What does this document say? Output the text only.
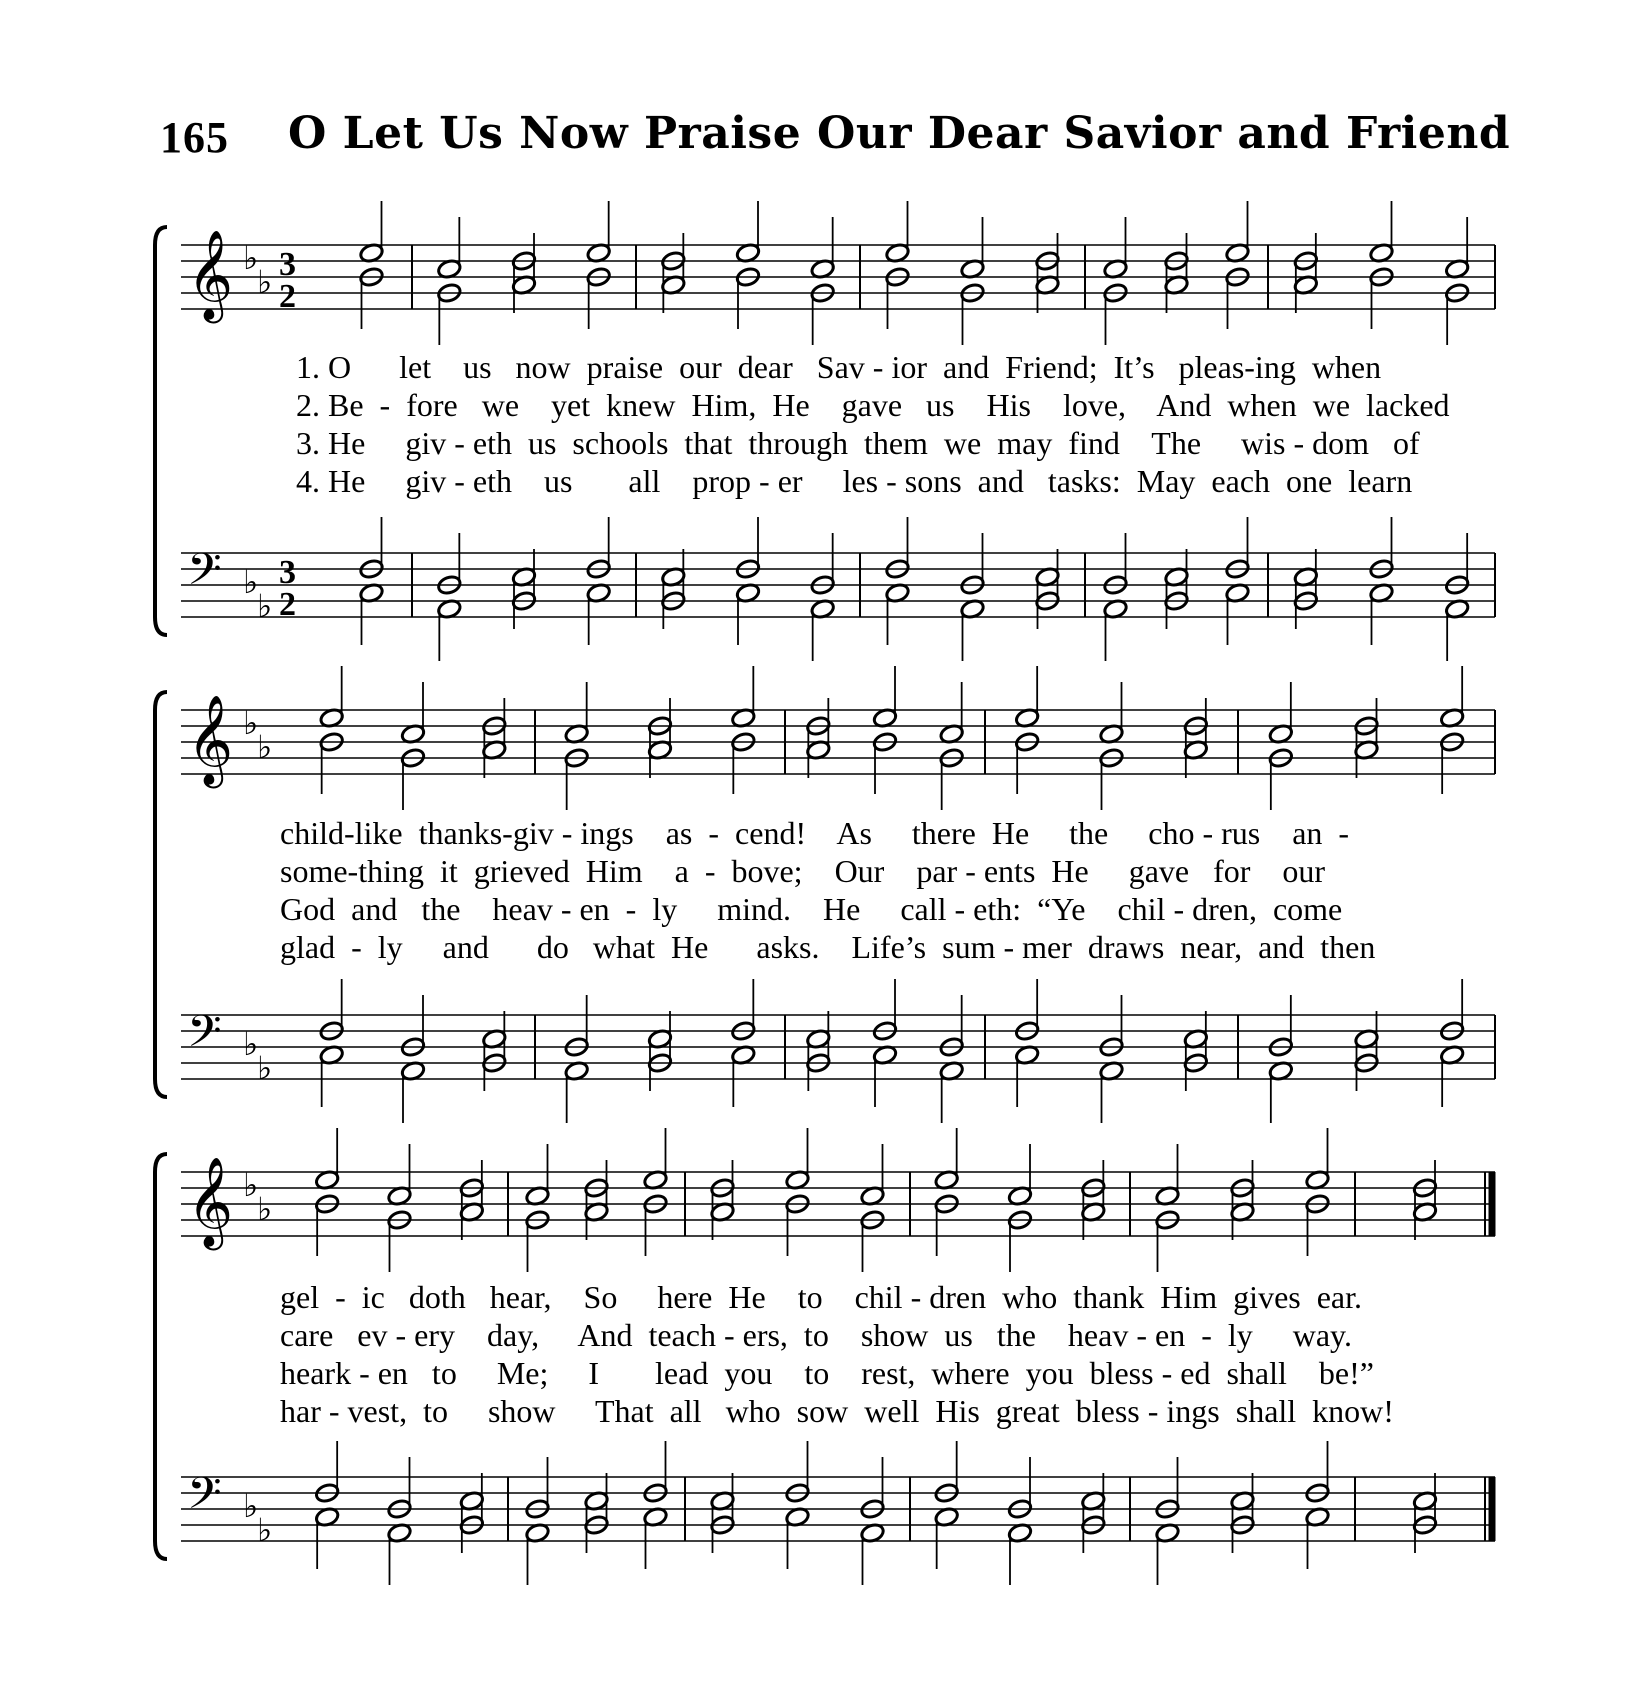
165 O Let Us Now Praise Our Dear Savior and Friend
𝄞 ♭
♭ 3
2
𝄢 ♭
♭
3
2
𝄞 ♭
♭
𝄢 ♭
♭
𝄞 ♭
♭
𝄢 ♭
♭
1. O      let    us   now  praise  our  dear   Sav - ior  and  Friend;  It’s   pleas-ing  when
2. Be  -  fore   we    yet  knew  Him,  He    gave   us    His    love,    And  when  we  lacked
3. He     giv - eth  us  schools  that  through  them  we  may  find    The     wis - dom   of
4. He     giv - eth    us       all    prop - er     les - sons  and   tasks:  May  each  one  learn
child-like  thanks-giv - ings    as  -  cend!    As     there  He     the     cho - rus    an  -
some-thing  it  grieved  Him    a  -  bove;    Our    par - ents  He     gave   for    our
God  and   the    heav - en  -  ly     mind.    He     call - eth:  “Ye    chil - dren,  come
glad  -  ly     and      do   what  He      asks.    Life’s  sum - mer  draws  near,  and  then
gel  -  ic   doth   hear,    So     here  He    to    chil - dren  who  thank  Him  gives  ear.
care   ev - ery    day,     And  teach - ers,  to    show  us   the    heav - en  -  ly     way.
heark - en   to     Me;     I       lead  you    to    rest,  where  you  bless - ed  shall    be!”
har - vest,  to     show     That  all   who  sow  well  His  great  bless - ings  shall  know!
